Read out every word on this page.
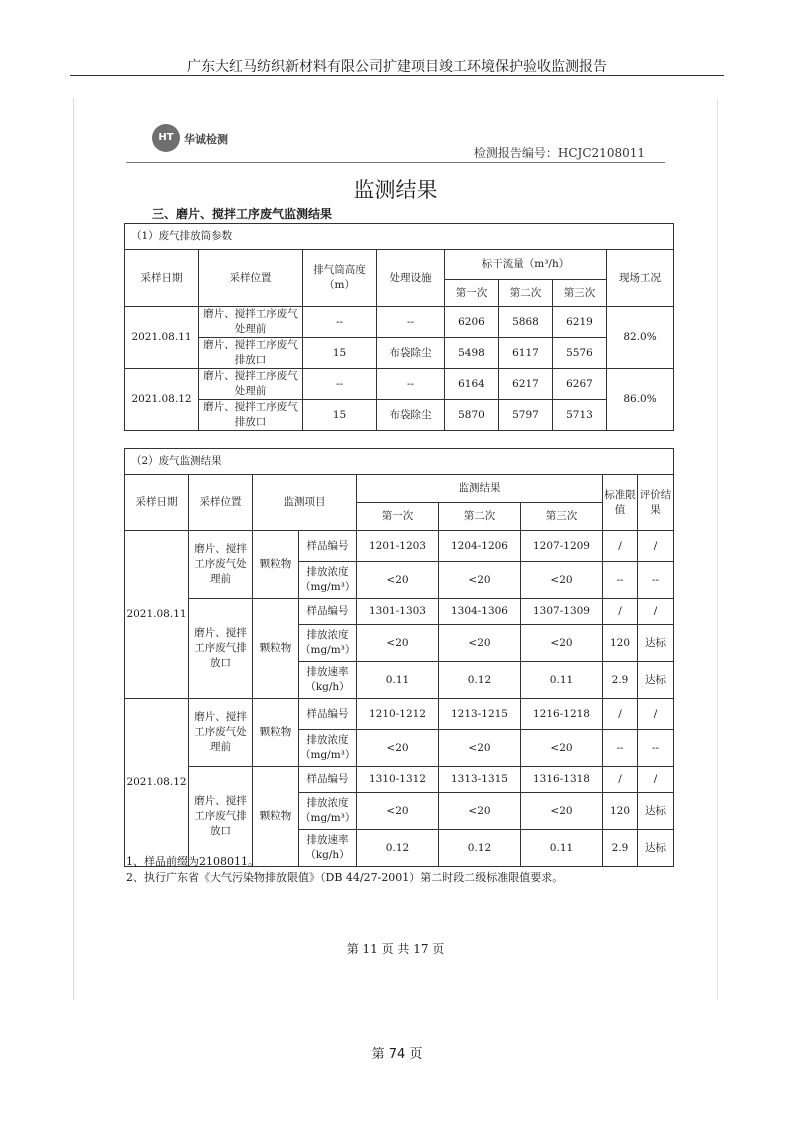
广东大红马纺织新材料有限公司扩建项目竣工环境保护验收监测报告
HT 华诚检测
检测报告编号：HCJC2108011
监测结果
三、磨片、搅拌工序废气监测结果
（1）废气排放筒参数							
采样日期	采样位置	排气筒高度（m）	处理设施	标干流量（m³/h）			现场工况
				第一次	第二次	第三次	
2021.08.11	磨片、搅拌工序废气处理前	--	--	6206	5868	6219	82.0%
	磨片、搅拌工序废气排放口	15	布袋除尘	5498	6117	5576	
2021.08.12	磨片、搅拌工序废气处理前	--	--	6164	6217	6267	86.0%
	磨片、搅拌工序废气排放口	15	布袋除尘	5870	5797	5713	
（2）废气监测结果								
采样日期	采样位置	监测项目		监测结果			标准限值	评价结果
				第一次	第二次	第三次		
2021.08.11	磨片、搅拌工序废气处理前	颗粒物	样品编号	1201-1203	1204-1206	1207-1209	/	/
			排放浓度（mg/m³）	<20	<20	<20	--	--
	磨片、搅拌工序废气排放口	颗粒物	样品编号	1301-1303	1304-1306	1307-1309	/	/
			排放浓度（mg/m³）	<20	<20	<20	120	达标
			排放速率（kg/h）	0.11	0.12	0.11	2.9	达标
2021.08.12	磨片、搅拌工序废气处理前	颗粒物	样品编号	1210-1212	1213-1215	1216-1218	/	/
			排放浓度（mg/m³）	<20	<20	<20	--	--
	磨片、搅拌工序废气排放口	颗粒物	样品编号	1310-1312	1313-1315	1316-1318	/	/
			排放浓度（mg/m³）	<20	<20	<20	120	达标
			排放速率（kg/h）	0.12	0.12	0.11	2.9	达标
1、样品前缀为2108011。
2、执行广东省《大气污染物排放限值》（DB 44/27-2001）第二时段二级标准限值要求。
第 11 页 共 17 页
第 74 页
